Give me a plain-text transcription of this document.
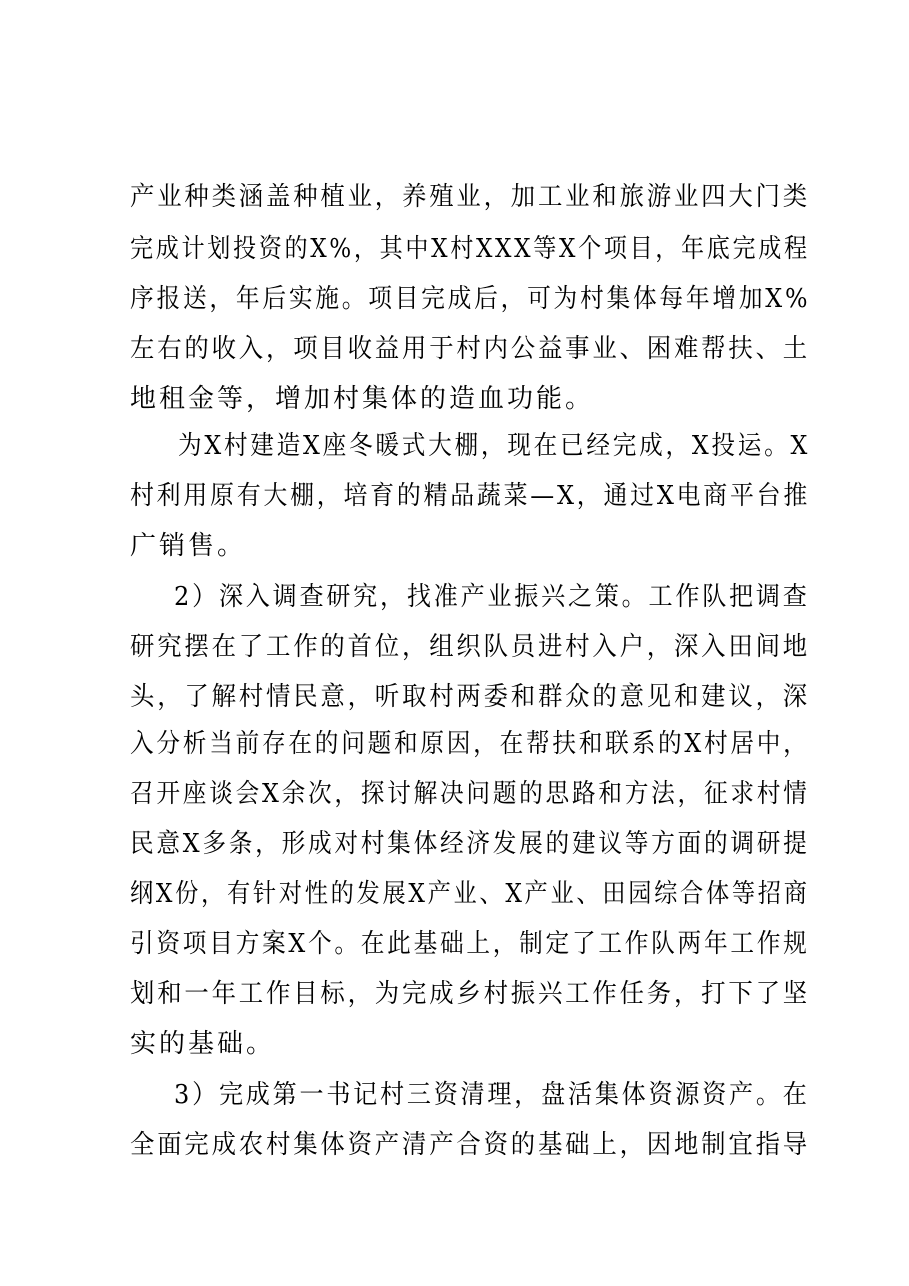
产业种类涵盖种植业，养殖业，加工业和旅游业四大门类
完成计划投资的X%，其中X村XXX等X个项目，年底完成程
序报送，年后实施。项目完成后，可为村集体每年增加X%
左右的收入，项目收益用于村内公益事业、困难帮扶、土
地租金等，增加村集体的造血功能。
为X村建造X座冬暖式大棚，现在已经完成，X投运。X
村利用原有大棚，培育的精品蔬菜—X，通过X电商平台推
广销售。
2）深入调查研究，找准产业振兴之策。工作队把调查
研究摆在了工作的首位，组织队员进村入户，深入田间地
头，了解村情民意，听取村两委和群众的意见和建议，深
入分析当前存在的问题和原因，在帮扶和联系的X村居中，
召开座谈会X余次，探讨解决问题的思路和方法，征求村情
民意X多条，形成对村集体经济发展的建议等方面的调研提
纲X份，有针对性的发展X产业、X产业、田园综合体等招商
引资项目方案X个。在此基础上，制定了工作队两年工作规
划和一年工作目标，为完成乡村振兴工作任务，打下了坚
实的基础。
3）完成第一书记村三资清理，盘活集体资源资产。在
全面完成农村集体资产清产合资的基础上，因地制宜指导
